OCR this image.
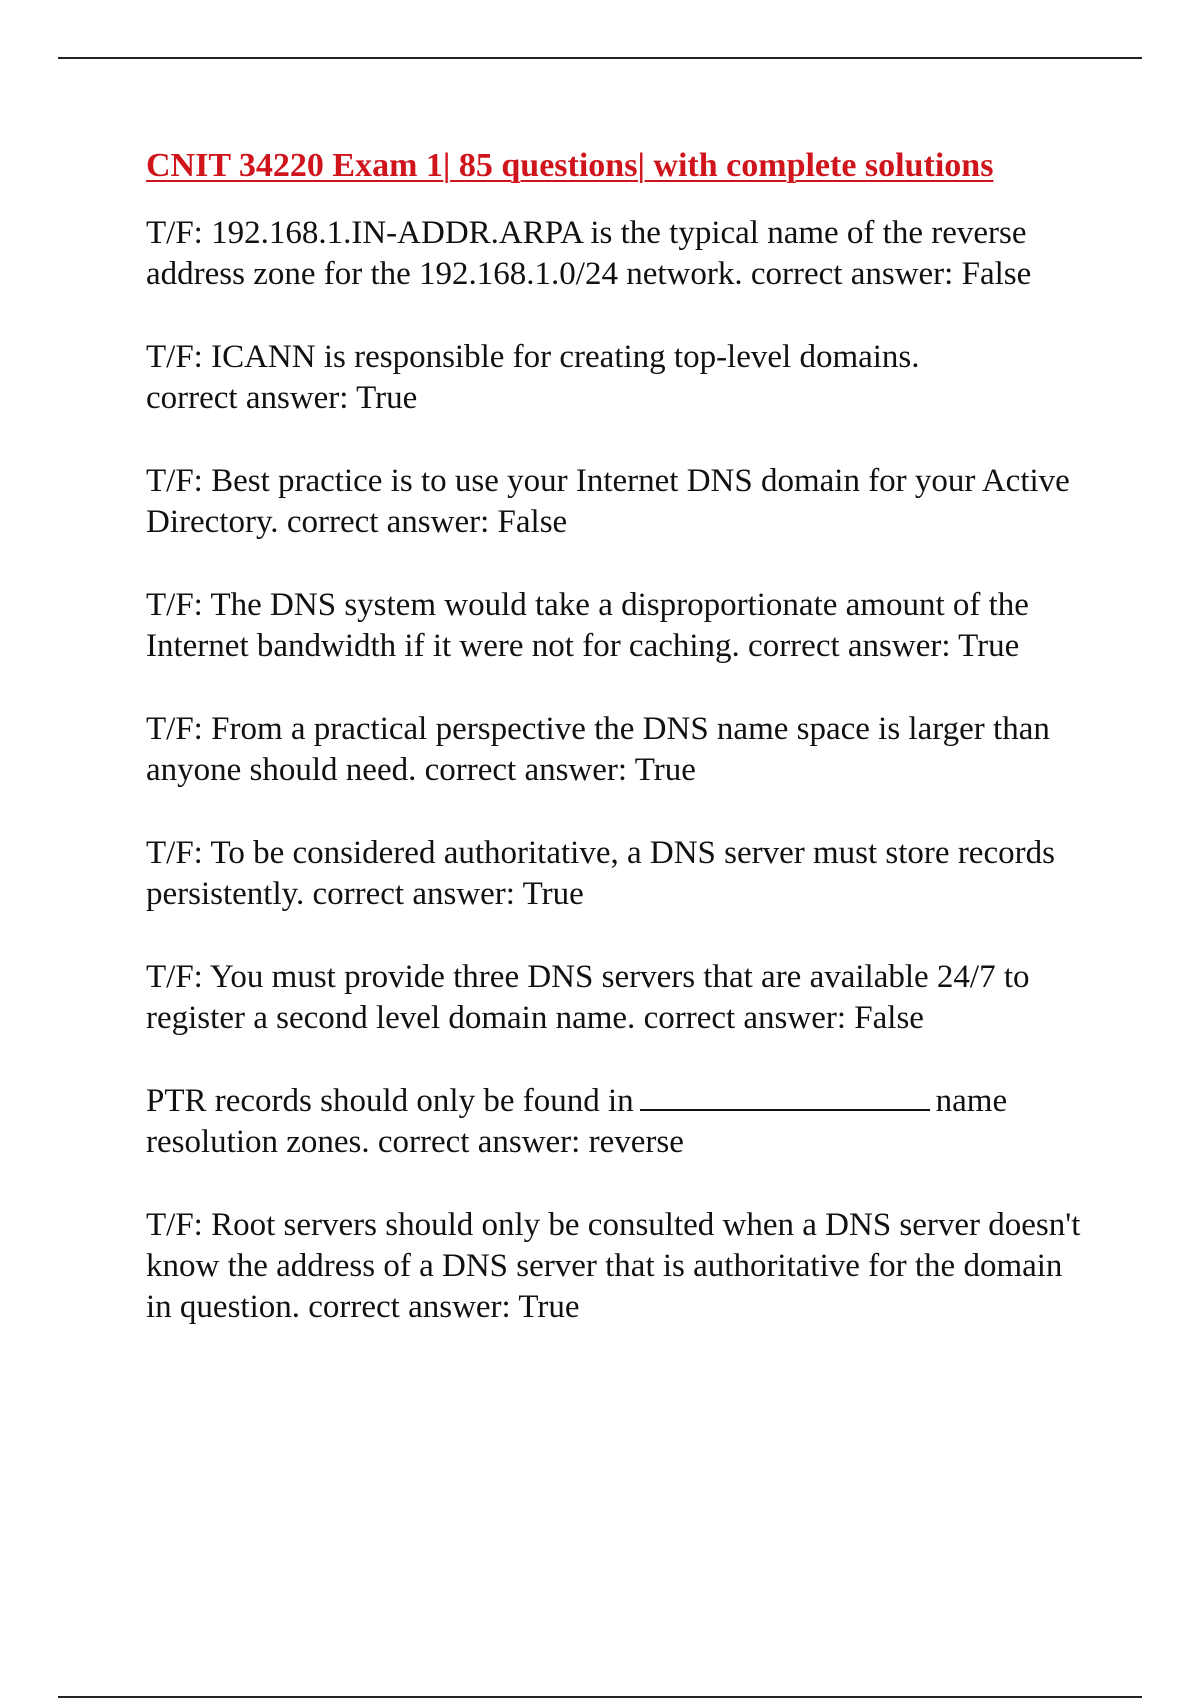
CNIT 34220 Exam 1| 85 questions| with complete solutions
T/F: 192.168.1.IN-ADDR.ARPA is the typical name of the reverse address zone for the 192.168.1.0/24 network. correct answer: False
T/F: ICANN is responsible for creating top-level domains. correct answer: True
T/F: Best practice is to use your Internet DNS domain for your Active Directory. correct answer: False
T/F: The DNS system would take a disproportionate amount of the Internet bandwidth if it were not for caching. correct answer: True
T/F: From a practical perspective the DNS name space is larger than anyone should need. correct answer: True
T/F: To be considered authoritative, a DNS server must store records persistently. correct answer: True
T/F: You must provide three DNS servers that are available 24/7 to register a second level domain name. correct answer: False
PTR records should only be found in	name resolution zones. correct answer: reverse
T/F: Root servers should only be consulted when a DNS server doesn't know the address of a DNS server that is authoritative for the domain in question. correct answer: True
